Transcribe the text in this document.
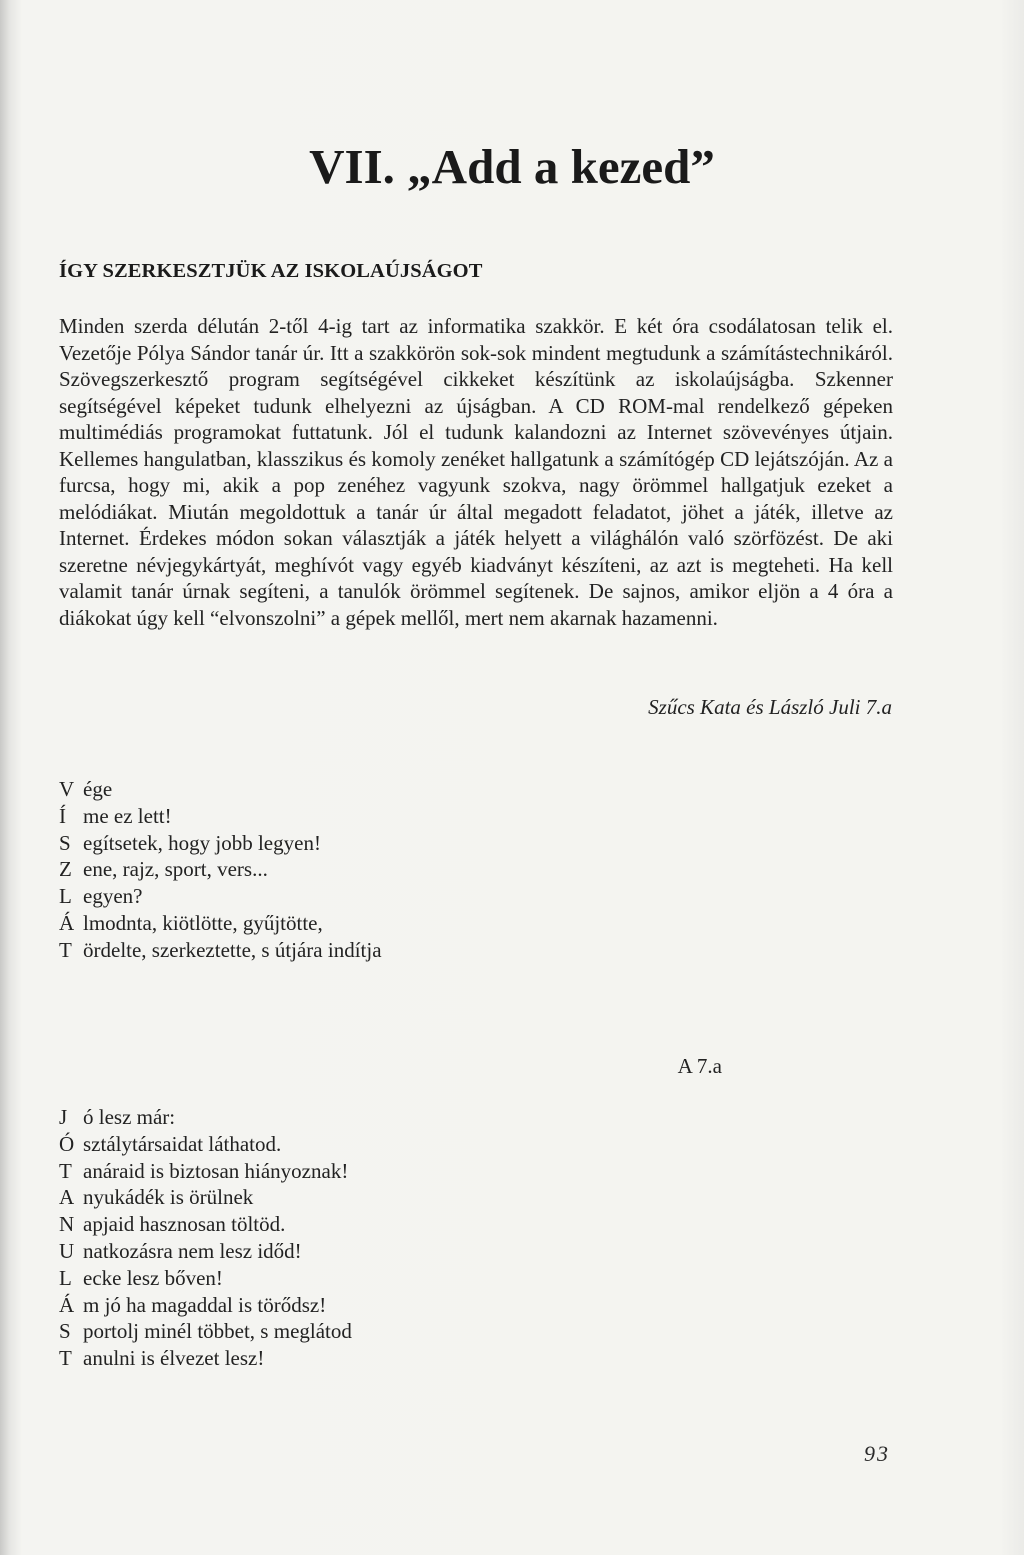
VII. „Add a kezed”
ÍGY SZERKESZTJÜK AZ ISKOLAÚJSÁGOT

Minden szerda délután 2-től 4-ig tart az informatika szakkör. E két óra csodálatosan telik el. Vezetője Pólya Sándor tanár úr. Itt a szakkörön sok-sok mindent megtudunk a számítástechnikáról. Szövegszerkesztő program segítségével cikkeket készítünk az iskolaújságba. Szkenner segítségével képeket tudunk elhelyezni az újságban. A CD ROM-mal rendelkező gépeken multimédiás programokat futtatunk. Jól el tudunk kalandozni az Internet szövevényes útjain. Kellemes hangulatban, klasszikus és komoly zenéket hallgatunk a számítógép CD lejátszóján. Az a furcsa, hogy mi, akik a pop zenéhez vagyunk szokva, nagy örömmel hallgatjuk ezeket a melódiákat. Miután megoldottuk a tanár úr által megadott feladatot, jöhet a játék, illetve az Internet. Érdekes módon sokan választják a játék helyett a világhálón való szörfözést. De aki szeretne névjegykártyát, meghívót vagy egyéb kiadványt készíteni, az azt is megteheti. Ha kell valamit tanár úrnak segíteni, a tanulók örömmel segítenek. De sajnos, amikor eljön a 4 óra a diákokat úgy kell “elvonszolni” a gépek mellől, mert nem akarnak hazamenni.

Szűcs Kata és László Juli 7.a

V ége
Í me ez lett!
S egítsetek, hogy jobb legyen!
Z ene, rajz, sport, vers...
L egyen?
Á lmodnta, kiötlötte, gyűjtötte,
T ördelte, szerkeztette, s útjára indítja

A 7.a

J ó lesz már:
Ó sztálytársaidat láthatod.
T anáraid is biztosan hiányoznak!
A nyukádék is örülnek
N apjaid hasznosan töltöd.
U natkozásra nem lesz időd!
L ecke lesz bőven!
Á m jó ha magaddal is törődsz!
S portolj minél többet, s meglátod
T anulni is élvezet lesz!

93
